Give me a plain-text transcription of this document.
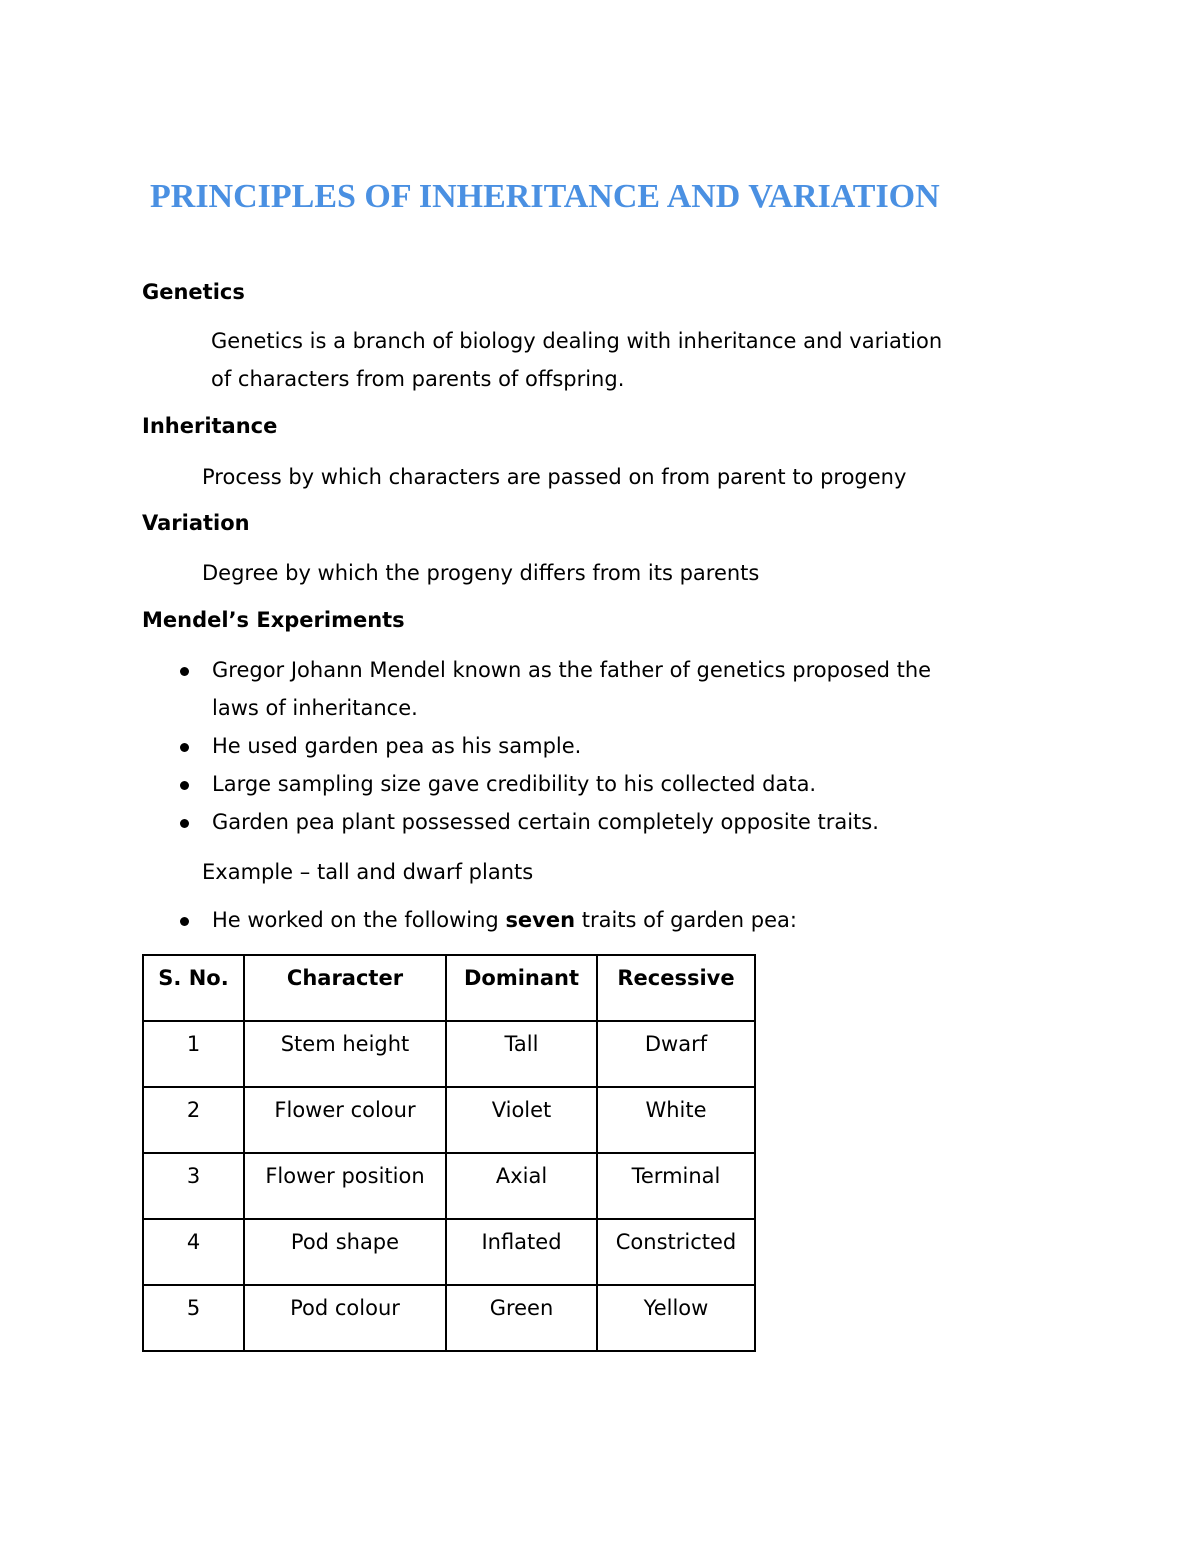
PRINCIPLES OF INHERITANCE AND VARIATION
Genetics
Genetics is a branch of biology dealing with inheritance and variation
of characters from parents of offspring.
Inheritance
Process by which characters are passed on from parent to progeny
Variation
Degree by which the progeny differs from its parents
Mendel’s Experiments
Gregor Johann Mendel known as the father of genetics proposed the
laws of inheritance.
He used garden pea as his sample.
Large sampling size gave credibility to his collected data.
Garden pea plant possessed certain completely opposite traits.
Example – tall and dwarf plants
He worked on the following seven traits of garden pea:
S. No.	Character	Dominant	Recessive
1	Stem height	Tall	Dwarf
2	Flower colour	Violet	White
3	Flower position	Axial	Terminal
4	Pod shape	Inflated	Constricted
5	Pod colour	Green	Yellow
